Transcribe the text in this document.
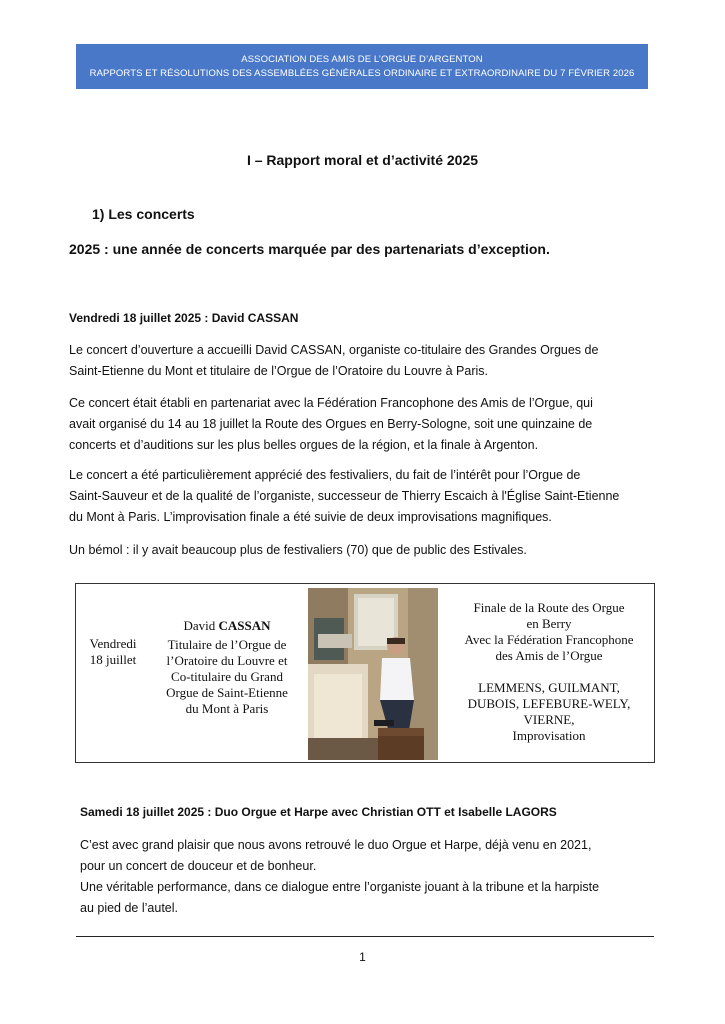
ASSOCIATION DES AMIS DE L’ORGUE D’ARGENTON
RAPPORTS ET RÉSOLUTIONS DES ASSEMBLÉES GÉNÉRALES ORDINAIRE ET EXTRAORDINAIRE DU 7 FÉVRIER 2026
I – Rapport moral et d’activité 2025
1) Les concerts
2025 : une année de concerts marquée par des partenariats d’exception.
Vendredi 18 juillet 2025 : David CASSAN
Le concert d’ouverture a accueilli David CASSAN, organiste co-titulaire des Grandes Orgues de
Saint-Etienne du Mont et titulaire de l’Orgue de l’Oratoire du Louvre à Paris.
Ce concert était établi en partenariat avec la Fédération Francophone des Amis de l’Orgue, qui
avait organisé du 14 au 18 juillet la Route des Orgues en Berry-Sologne, soit une quinzaine de
concerts et d’auditions sur les plus belles orgues de la région, et la finale à Argenton.
Le concert a été particulièrement apprécié des festivaliers, du fait de l’intérêt pour l’Orgue de
Saint-Sauveur et de la qualité de l’organiste, successeur de Thierry Escaich à l'Église Saint-Etienne
du Mont à Paris. L’improvisation finale a été suivie de deux improvisations magnifiques.
Un bémol : il y avait beaucoup plus de festivaliers (70) que de public des Estivales.
Vendredi
18 juillet
David CASSAN
Titulaire de l’Orgue de
l’Oratoire du Louvre et
Co-titulaire du Grand
Orgue de Saint-Etienne
du Mont à Paris
Finale de la Route des Orgue
en Berry
Avec la Fédération Francophone
des Amis de l’Orgue
LEMMENS, GUILMANT,
DUBOIS, LEFEBURE-WELY,
VIERNE,
Improvisation
Samedi 18 juillet 2025 : Duo Orgue et Harpe avec Christian OTT et Isabelle LAGORS
C’est avec grand plaisir que nous avons retrouvé le duo Orgue et Harpe, déjà venu en 2021,
pour un concert de douceur et de bonheur.
Une véritable performance, dans ce dialogue entre l’organiste jouant à la tribune et la harpiste
au pied de l’autel.
1
